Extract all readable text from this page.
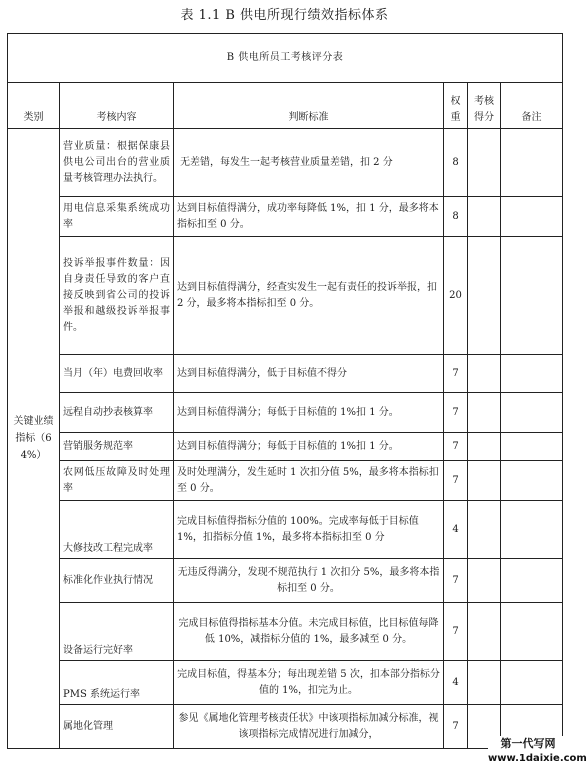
表 1.1 B 供电所现行绩效指标体系
B 供电所员工考核评分表					
类别	考核内容	判断标准	权重	考核得分	备注
关键业绩指标（64%）	营业质量：根据保康县供电公司出台的营业质量考核管理办法执行。	无差错，每发生一起考核营业质量差错，扣 2 分	8		
	用电信息采集系统成功率	达到目标值得满分，成功率每降低 1%，扣 1 分，最多将本指标扣至 0 分。	8		
	投诉举报事件数量：因自身责任导致的客户直接反映到省公司的投诉举报和越级投诉举报事件。	达到目标值得满分，经查实发生一起有责任的投诉举报，扣 2 分，最多将本指标扣至 0 分。	20		
	当月（年）电费回收率	达到目标值得满分，低于目标值不得分	7		
	远程自动抄表核算率	达到目标值得满分；每低于目标值的 1%扣 1 分。	7		
	营销服务规范率	达到目标值得满分；每低于目标值的 1%扣 1 分。	7		
	农网低压故障及时处理率	及时处理满分，发生延时 1 次扣分值 5%，最多将本指标扣至 0 分。	7		
	大修技改工程完成率	完成目标值得指标分值的 100%。完成率每低于目标值 1%，扣指标分值 1%，最多将本指标扣至 0 分	4		
	标准化作业执行情况	无违反得满分，发现不规范执行 1 次扣分 5%，最多将本指标扣至 0 分。	7		
	设备运行完好率	完成目标值得指标基本分值。未完成目标值，比目标值每降低 10%，减指标分值的 1%，最多减至 0 分。	7		
	PMS 系统运行率	完成目标值，得基本分；每出现差错 5 次，扣本部分指标分值的 1%，扣完为止。	4		
	属地化管理	参见《属地化管理考核责任状》中该项指标加减分标准，视该项指标完成情况进行加减分，	7		
第一代写网
www.1daixie.com
